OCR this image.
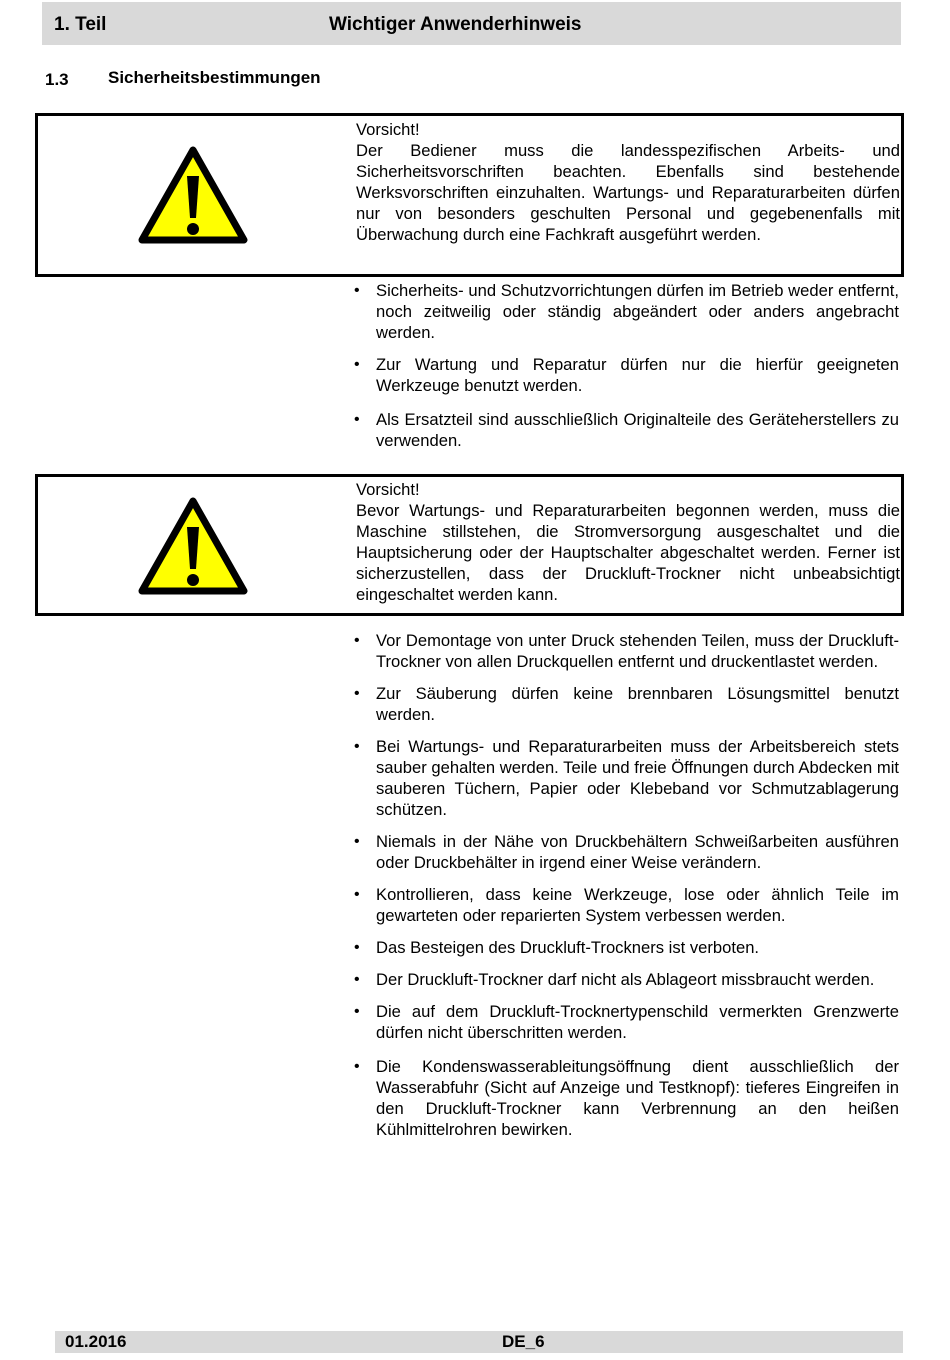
1. Teil	Wichtiger Anwenderhinweis
1.3 Sicherheitsbestimmungen
Vorsicht!
Der Bediener muss die landesspezifischen Arbeits- und Sicherheitsvorschriften beachten. Ebenfalls sind bestehende Werksvorschriften einzuhalten. Wartungs- und Reparaturarbeiten dürfen nur von besonders geschulten Personal und gegebenenfalls mit Überwachung durch eine Fachkraft ausgeführt werden.
• Sicherheits- und Schutzvorrichtungen dürfen im Betrieb weder entfernt, noch zeitweilig oder ständig abgeändert oder anders angebracht werden.
• Zur Wartung und Reparatur dürfen nur die hierfür geeigneten Werkzeuge benutzt werden.
• Als Ersatzteil sind ausschließlich Originalteile des Geräteherstellers zu verwenden.
Vorsicht!
Bevor Wartungs- und Reparaturarbeiten begonnen werden, muss die Maschine stillstehen, die Stromversorgung ausgeschaltet und die Hauptsicherung oder der Hauptschalter abgeschaltet werden. Ferner ist sicherzustellen, dass der Druckluft-Trockner nicht unbeabsichtigt eingeschaltet werden kann.
• Vor Demontage von unter Druck stehenden Teilen, muss der Druckluft-Trockner von allen Druckquellen entfernt und druckentlastet werden.
• Zur Säuberung dürfen keine brennbaren Lösungsmittel benutzt werden.
• Bei Wartungs- und Reparaturarbeiten muss der Arbeitsbereich stets sauber gehalten werden. Teile und freie Öffnungen durch Abdecken mit sauberen Tüchern, Papier oder Klebeband vor Schmutzablagerung schützen.
• Niemals in der Nähe von Druckbehältern Schweißarbeiten ausführen oder Druckbehälter in irgend einer Weise verändern.
• Kontrollieren, dass keine Werkzeuge, lose oder ähnlich Teile im gewarteten oder reparierten System verbessen werden.
• Das Besteigen des Druckluft-Trockners ist verboten.
• Der Druckluft-Trockner darf nicht als Ablageort missbraucht werden.
• Die auf dem Druckluft-Trocknertypenschild vermerkten Grenzwerte dürfen nicht überschritten werden.
• Die Kondenswasserableitungsöffnung dient ausschließlich der Wasserabfuhr (Sicht auf Anzeige und Testknopf): tieferes Eingreifen in den Druckluft-Trockner kann Verbrennung an den heißen Kühlmittelrohren bewirken.
01.2016	DE_6
